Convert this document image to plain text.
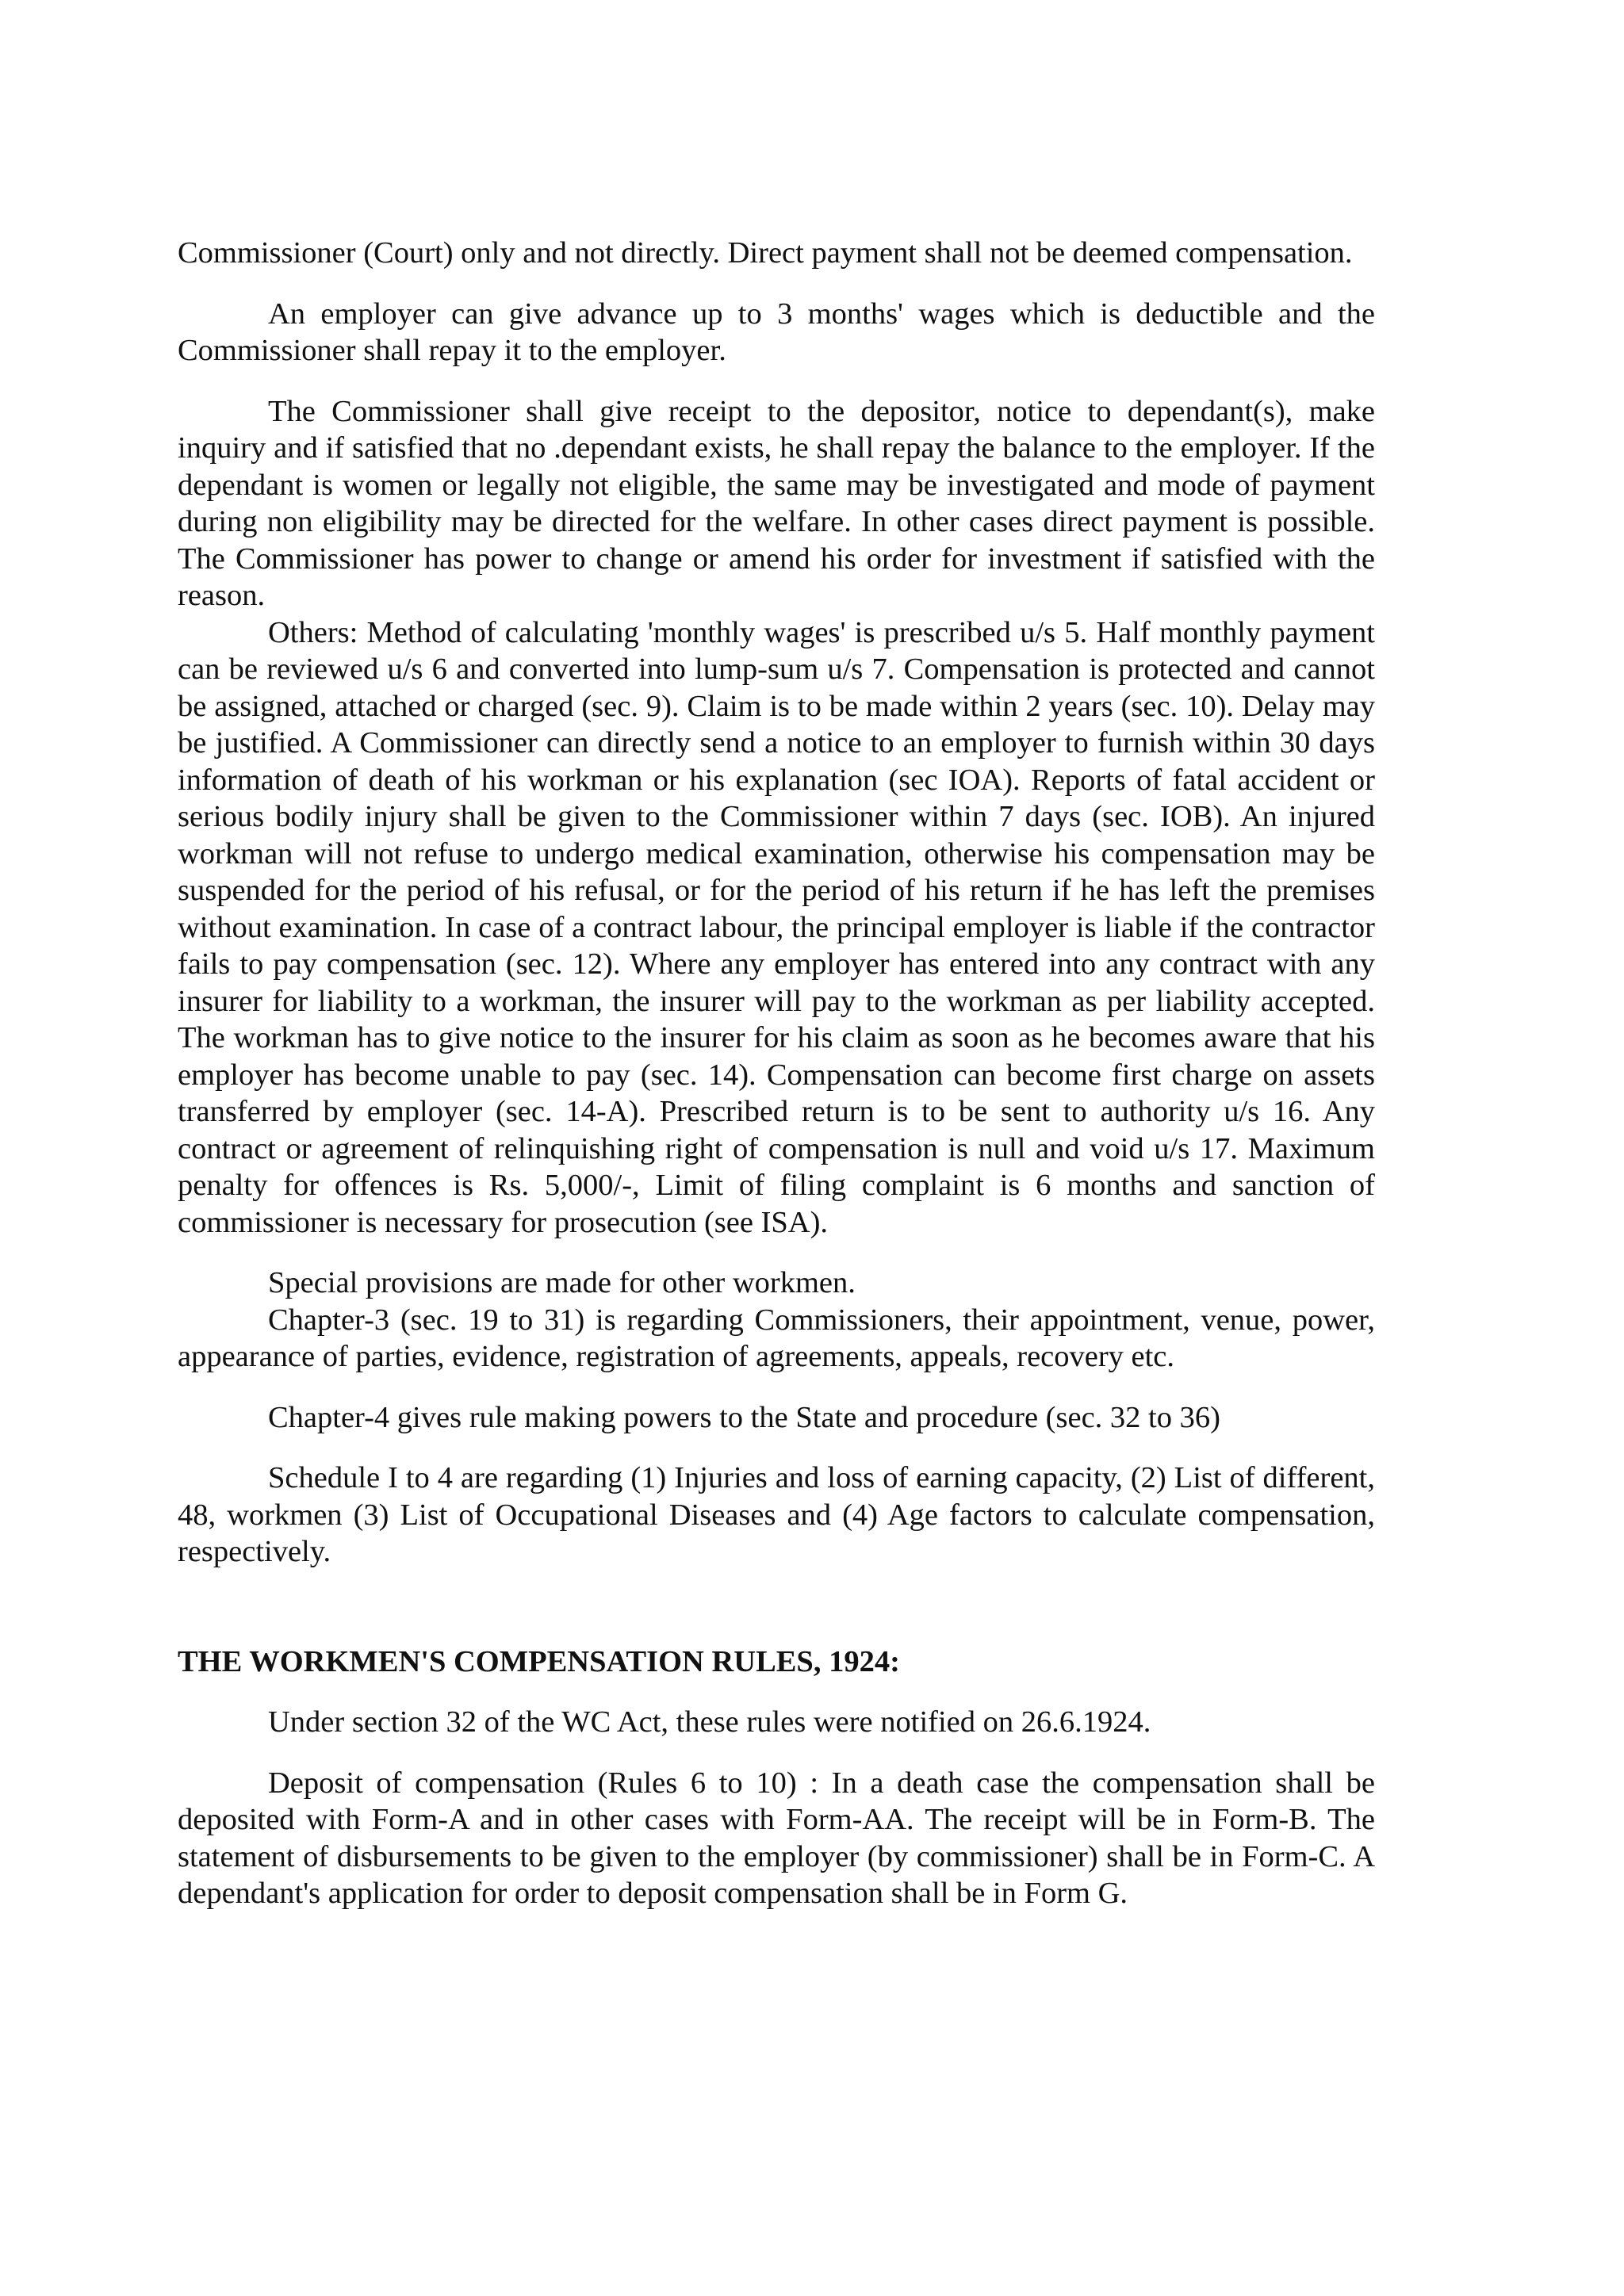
Commissioner (Court) only and not directly. Direct payment shall not be deemed compensation.

An employer can give advance up to 3 months' wages which is deductible and the Commissioner shall repay it to the employer.

The Commissioner shall give receipt to the depositor, notice to dependant(s), make inquiry and if satisfied that no .dependant exists, he shall repay the balance to the employer. If the dependant is women or legally not eligible, the same may be investigated and mode of payment during non eligibility may be directed for the welfare. In other cases direct payment is possible. The Commissioner has power to change or amend his order for investment if satisfied with the reason.

Others: Method of calculating 'monthly wages' is prescribed u/s 5. Half monthly payment can be reviewed u/s 6 and converted into lump-sum u/s 7. Compensation is protected and cannot be assigned, attached or charged (sec. 9). Claim is to be made within 2 years (sec. 10). Delay may be justified. A Commissioner can directly send a notice to an employer to furnish within 30 days information of death of his workman or his explanation (sec IOA). Reports of fatal accident or serious bodily injury shall be given to the Commissioner within 7 days (sec. IOB). An injured workman will not refuse to undergo medical examination, otherwise his compensation may be suspended for the period of his refusal, or for the period of his return if he has left the premises without examination. In case of a contract labour, the principal employer is liable if the contractor fails to pay compensation (sec. 12). Where any employer has entered into any contract with any insurer for liability to a workman, the insurer will pay to the workman as per liability accepted. The workman has to give notice to the insurer for his claim as soon as he becomes aware that his employer has become unable to pay (sec. 14). Compensation can become first charge on assets transferred by employer (sec. 14-A). Prescribed return is to be sent to authority u/s 16. Any contract or agreement of relinquishing right of compensation is null and void u/s 17. Maximum penalty for offences is Rs. 5,000/-, Limit of filing complaint is 6 months and sanction of commissioner is necessary for prosecution (see ISA).

Special provisions are made for other workmen.

Chapter-3 (sec. 19 to 31) is regarding Commissioners, their appointment, venue, power, appearance of parties, evidence, registration of agreements, appeals, recovery etc.

Chapter-4 gives rule making powers to the State and procedure (sec. 32 to 36)

Schedule I to 4 are regarding (1) Injuries and loss of earning capacity, (2) List of different, 48, workmen (3) List of Occupational Diseases and (4) Age factors to calculate compensation, respectively.

THE WORKMEN'S COMPENSATION RULES, 1924:

Under section 32 of the WC Act, these rules were notified on 26.6.1924.

Deposit of compensation (Rules 6 to 10) : In a death case the compensation shall be deposited with Form-A and in other cases with Form-AA. The receipt will be in Form-B. The statement of disbursements to be given to the employer (by commissioner) shall be in Form-C. A dependant's application for order to deposit compensation shall be in Form G.
